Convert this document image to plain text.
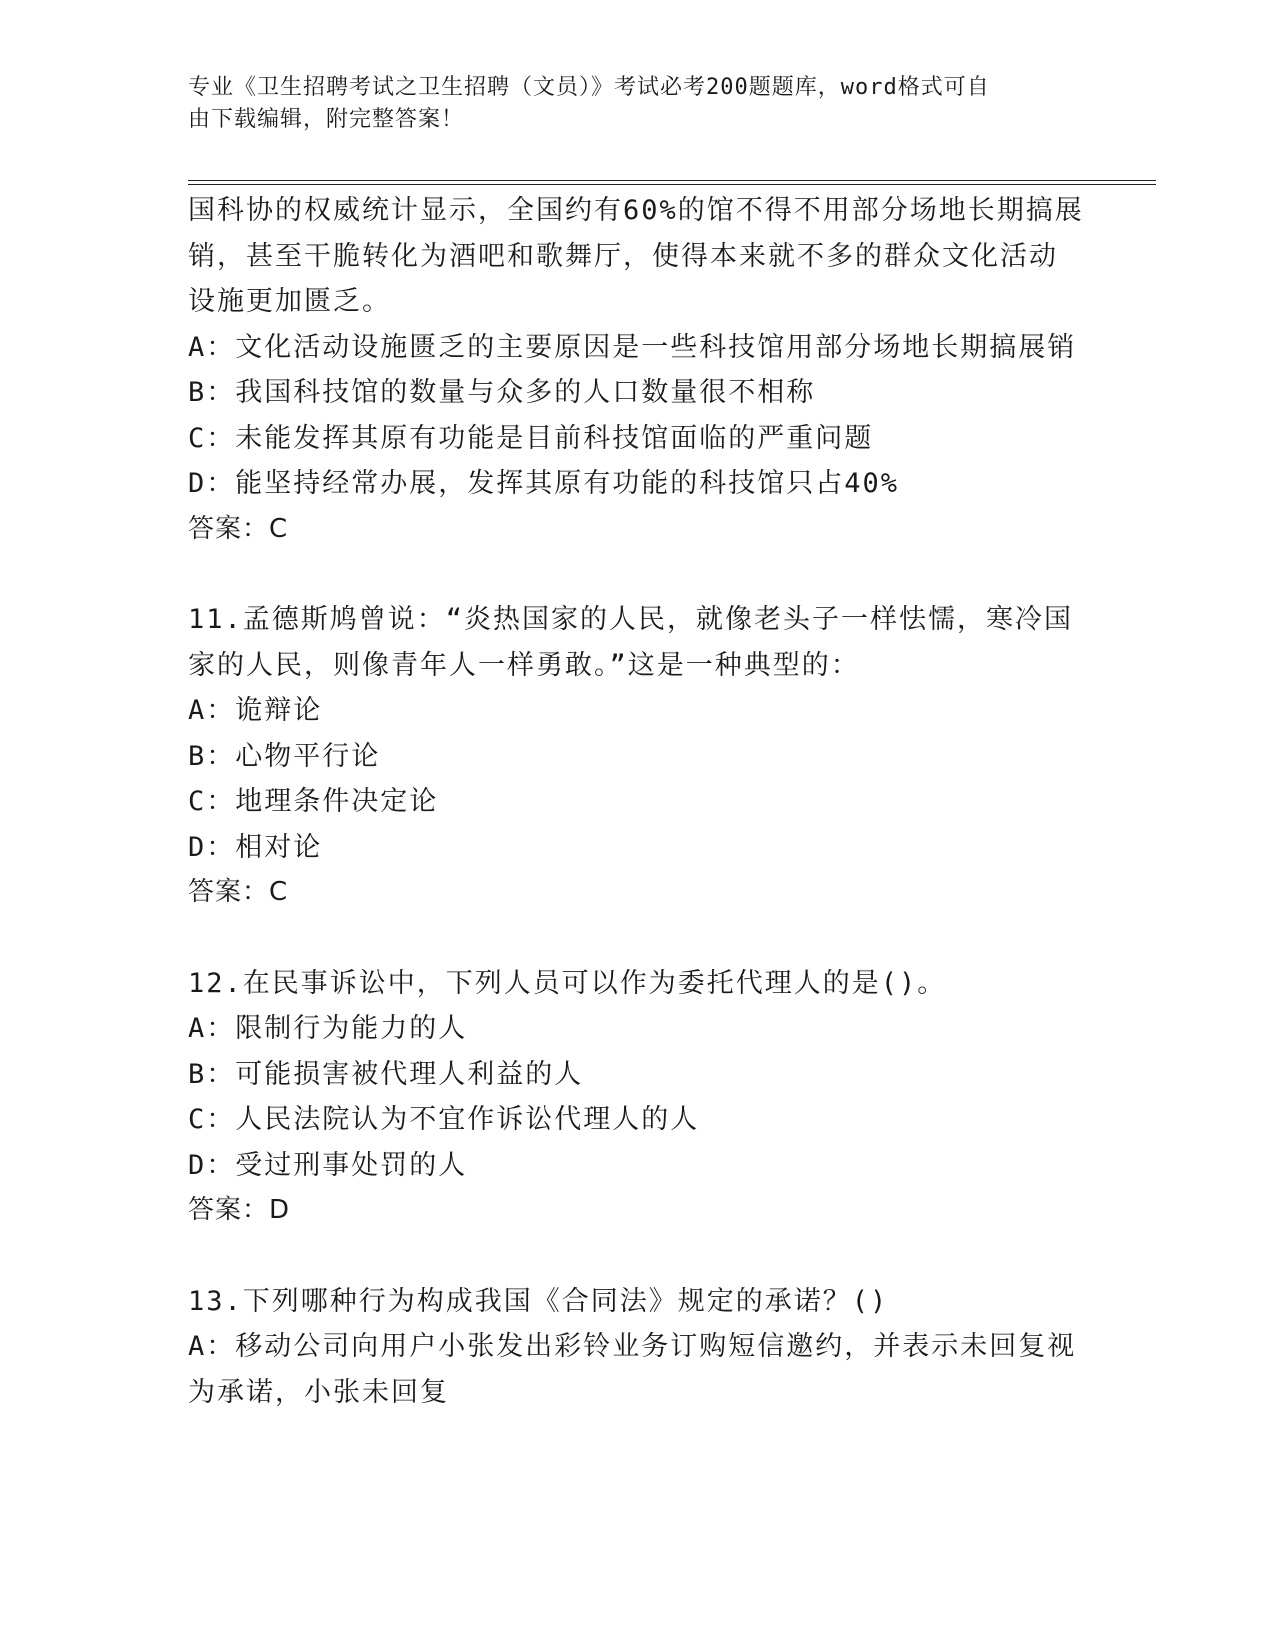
专业《卫生招聘考试之卫生招聘（文员）》考试必考200题题库，word格式可自
由下载编辑，附完整答案！
国科协的权威统计显示，全国约有60%的馆不得不用部分场地长期搞展
销，甚至干脆转化为酒吧和歌舞厅，使得本来就不多的群众文化活动
设施更加匮乏。
A：文化活动设施匮乏的主要原因是一些科技馆用部分场地长期搞展销
B：我国科技馆的数量与众多的人口数量很不相称
C：未能发挥其原有功能是目前科技馆面临的严重问题
D：能坚持经常办展，发挥其原有功能的科技馆只占40%
答案：C
11.孟德斯鸠曾说：“炎热国家的人民，就像老头子一样怯懦，寒冷国
家的人民，则像青年人一样勇敢。”这是一种典型的：
A：诡辩论
B：心物平行论
C：地理条件决定论
D：相对论
答案：C
12.在民事诉讼中，下列人员可以作为委托代理人的是()。
A：限制行为能力的人
B：可能损害被代理人利益的人
C：人民法院认为不宜作诉讼代理人的人
D：受过刑事处罚的人
答案：D
13.下列哪种行为构成我国《合同法》规定的承诺？()
A：移动公司向用户小张发出彩铃业务订购短信邀约，并表示未回复视
为承诺，小张未回复
